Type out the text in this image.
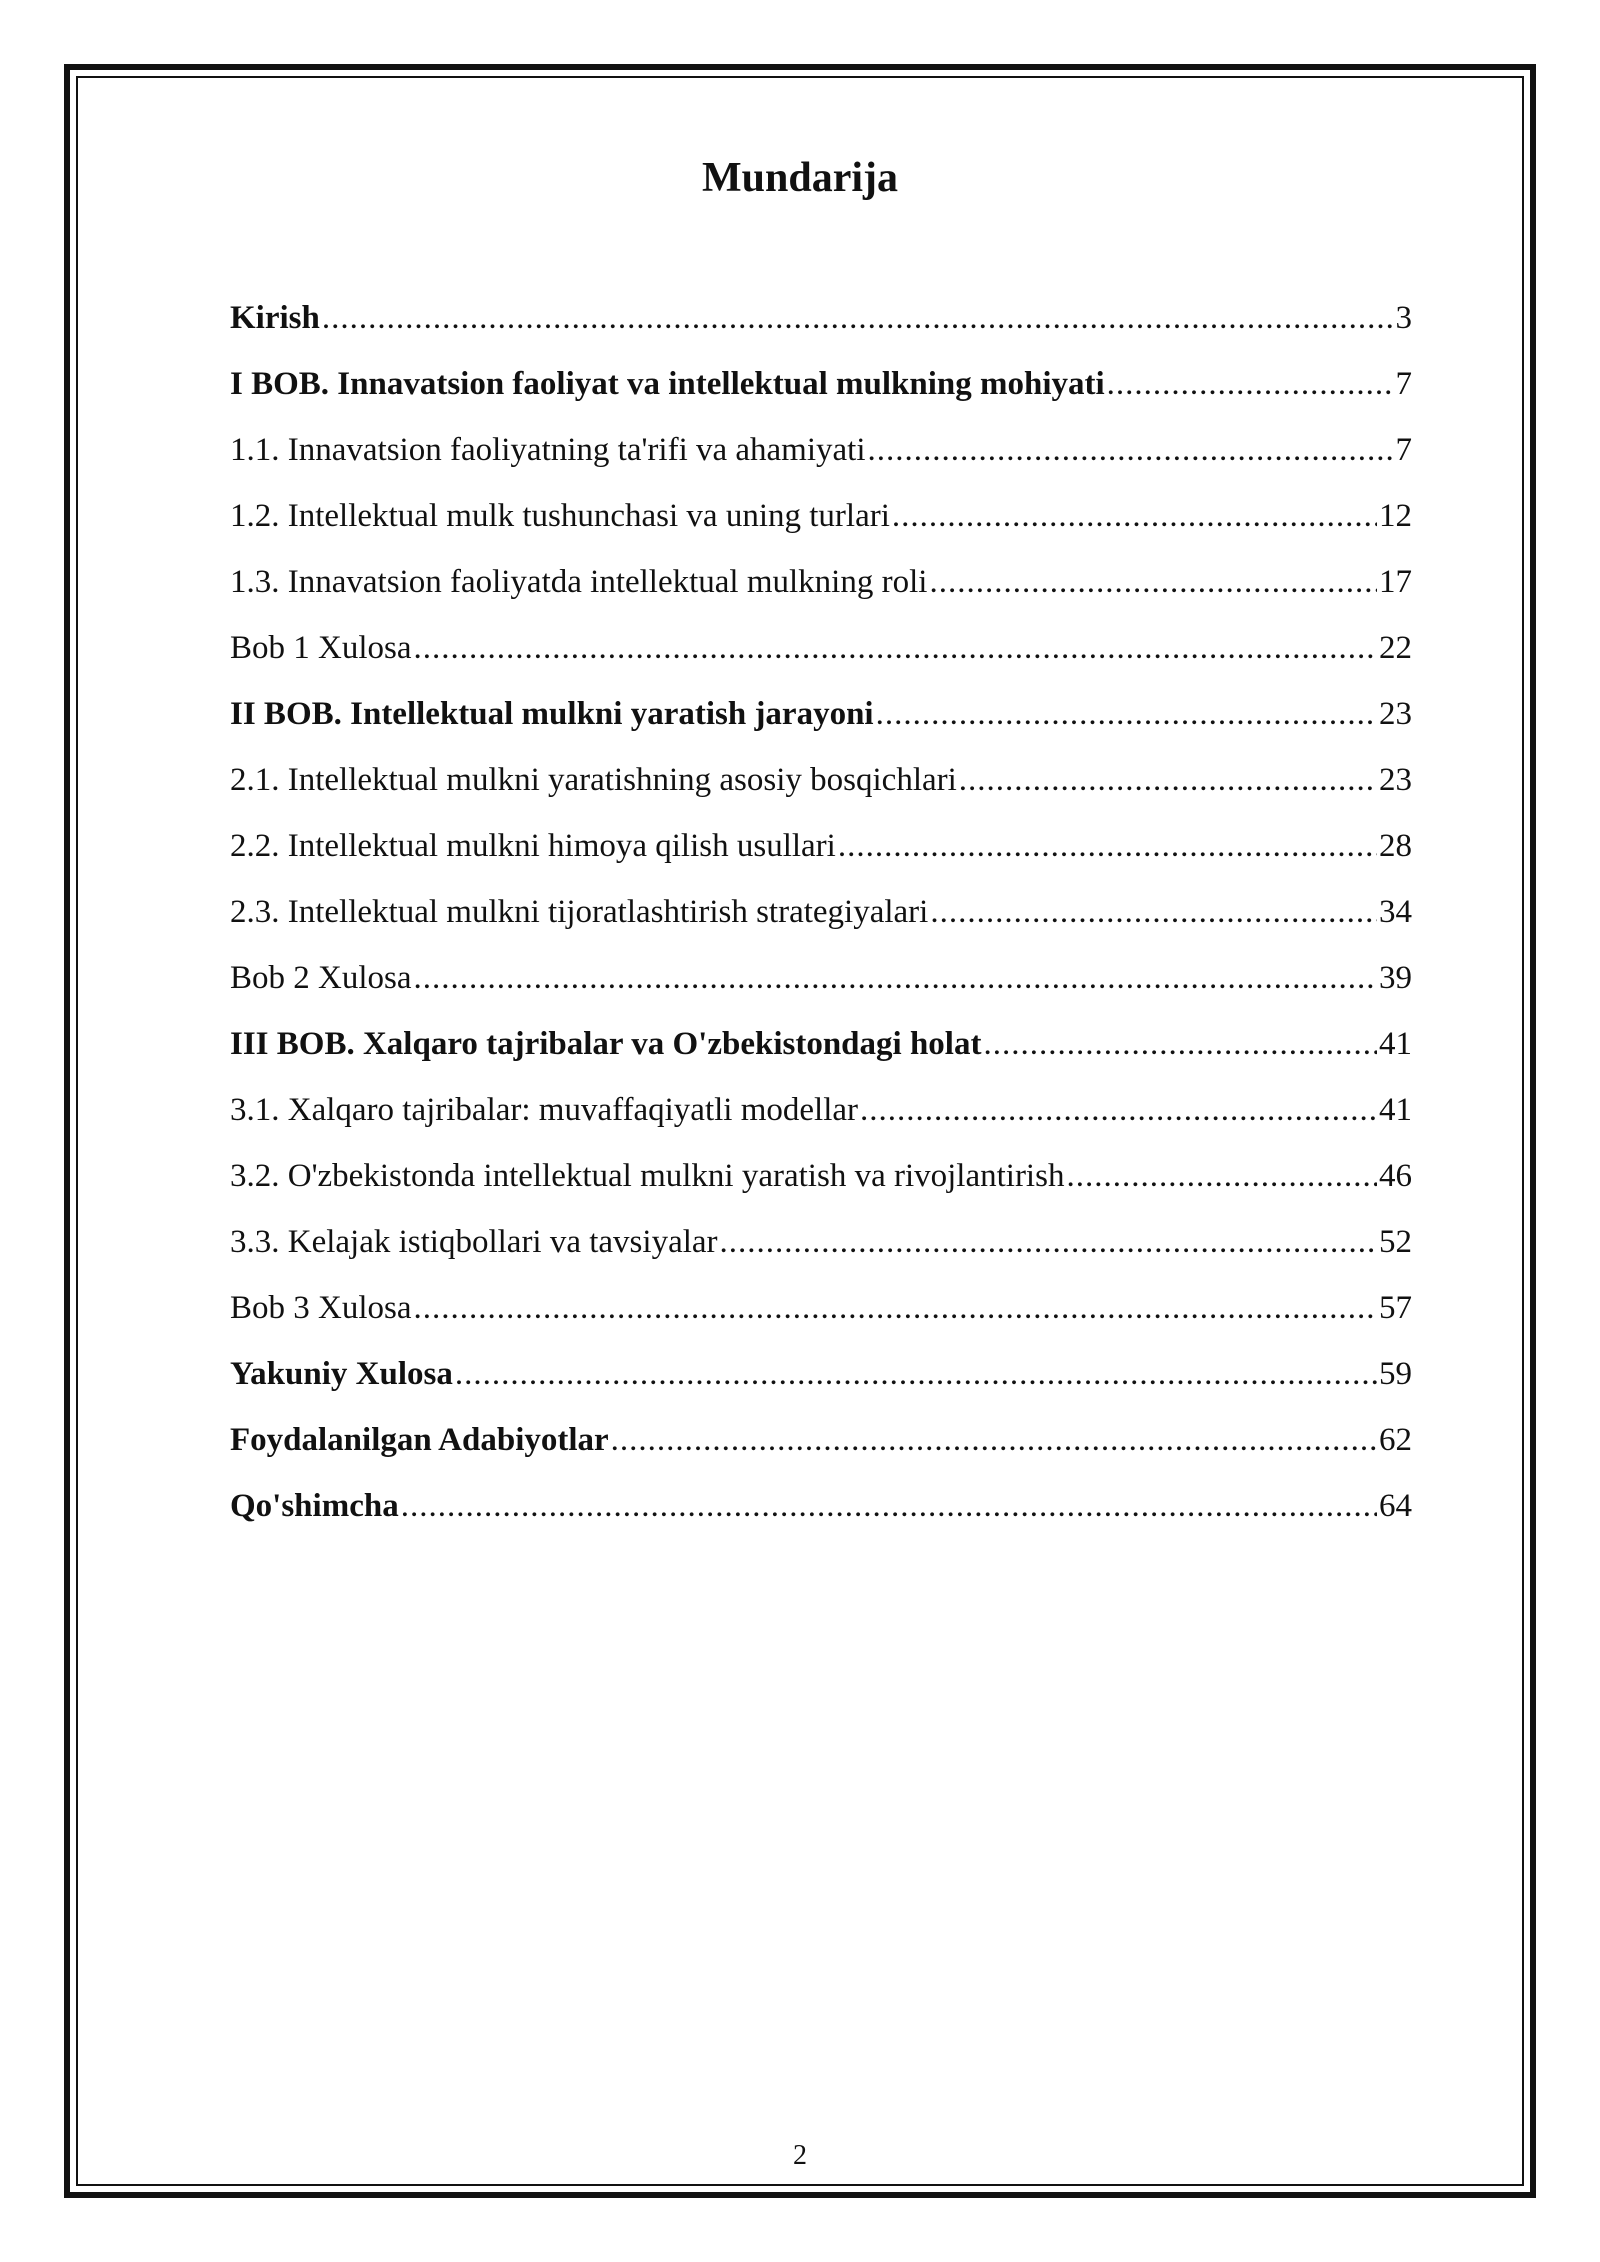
Mundarija
Kirish .....	3
I BOB. Innavatsion faoliyat va intellektual mulkning mohiyati .....	7
1.1. Innavatsion faoliyatning ta'rifi va ahamiyati .....	7
1.2. Intellektual mulk tushunchasi va uning turlari .....	12
1.3. Innavatsion faoliyatda intellektual mulkning roli .....	17
Bob 1 Xulosa .....	22
II BOB. Intellektual mulkni yaratish jarayoni .....	23
2.1. Intellektual mulkni yaratishning asosiy bosqichlari .....	23
2.2. Intellektual mulkni himoya qilish usullari .....	28
2.3. Intellektual mulkni tijoratlashtirish strategiyalari .....	34
Bob 2 Xulosa .....	39
III BOB. Xalqaro tajribalar va O'zbekistondagi holat .....	41
3.1. Xalqaro tajribalar: muvaffaqiyatli modellar .....	41
3.2. O'zbekistonda intellektual mulkni yaratish va rivojlantirish .....	46
3.3. Kelajak istiqbollari va tavsiyalar .....	52
Bob 3 Xulosa .....	57
Yakuniy Xulosa .....	59
Foydalanilgan Adabiyotlar .....	62
Qo'shimcha .....	64
2
